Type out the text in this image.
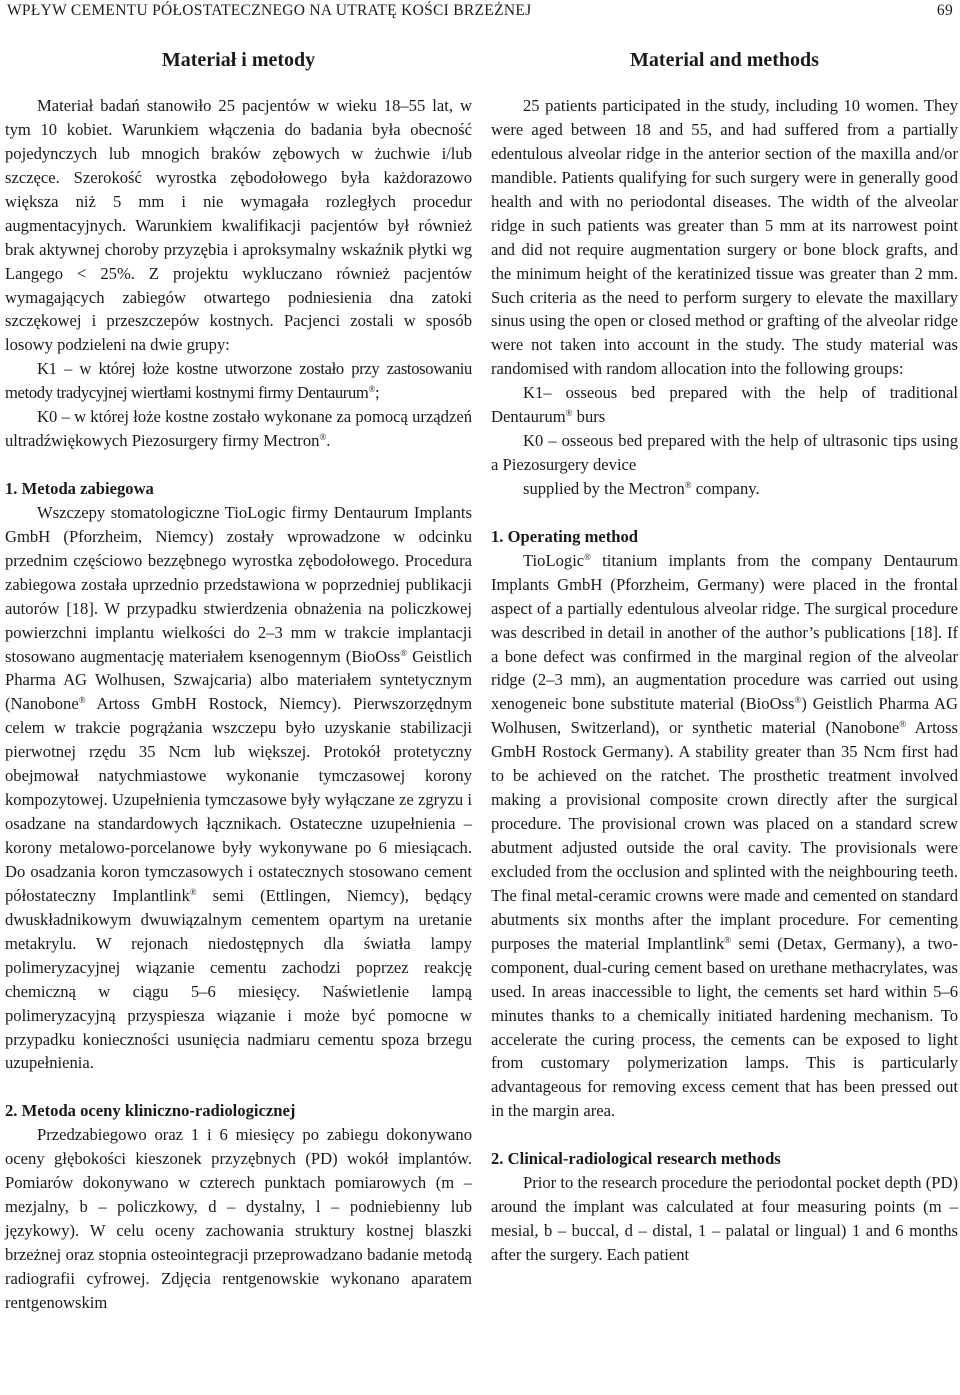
WPŁYW CEMENTU PÓŁOSTATECZNEGO NA UTRATĘ KOŚCI BRZEŻNEJ	69
Materiał i metody

Materiał badań stanowiło 25 pacjentów w wieku 18–55 lat, w tym 10 kobiet. Warunkiem włączenia do badania była obecność pojedynczych lub mnogich braków zębowych w żuchwie i/lub szczęce. Szerokość wyrostka zębodołowego była każdorazowo większa niż 5 mm i nie wymagała rozległych procedur augmentacyjnych. Warunkiem kwalifikacji pacjentów był również brak aktywnej choroby przyzębia i aproksymalny wskaźnik płytki wg Langego < 25%. Z projektu wykluczano również pacjentów wymagających zabiegów otwartego podniesienia dna zatoki szczękowej i przeszczepów kostnych. Pacjenci zostali w sposób losowy podzieleni na dwie grupy:

K1 – w której łoże kostne utworzone zostało przy zastosowaniu metody tradycyjnej wiertłami kostnymi firmy Dentaurum®;

K0 – w której łoże kostne zostało wykonane za pomocą urządzeń ultradźwiękowych Piezosurgery firmy Mectron®.

1. Metoda zabiegowa

Wszczepy stomatologiczne TioLogic firmy Dentaurum Implants GmbH (Pforzheim, Niemcy) zostały wprowadzone w odcinku przednim częściowo bezzębnego wyrostka zębodołowego. Procedura zabiegowa została uprzednio przedstawiona w poprzedniej publikacji autorów [18]. W przypadku stwierdzenia obnażenia na policzkowej powierzchni implantu wielkości do 2–3 mm w trakcie implantacji stosowano augmentację materiałem ksenogennym (BioOss® Geistlich Pharma AG Wolhusen, Szwajcaria) albo materiałem syntetycznym (Nanobone® Artoss GmbH Rostock, Niemcy). Pierwszorzędnym celem w trakcie pogrążania wszczepu było uzyskanie stabilizacji pierwotnej rzędu 35 Ncm lub większej. Protokół protetyczny obejmował natychmiastowe wykonanie tymczasowej korony kompozytowej. Uzupełnienia tymczasowe były wyłączane ze zgryzu i osadzane na standardowych łącznikach. Ostateczne uzupełnienia – korony metalowo-porcelanowe były wykonywane po 6 miesiącach. Do osadzania koron tymczasowych i ostatecznych stosowano cement półostateczny Implantlink® semi (Ettlingen, Niemcy), będący dwuskładnikowym dwuwiązalnym cementem opartym na uretanie metakrylu. W rejonach niedostępnych dla światła lampy polimeryzacyjnej wiązanie cementu zachodzi poprzez reakcję chemiczną w ciągu 5–6 miesięcy. Naświetlenie lampą polimeryzacyjną przyspiesza wiązanie i może być pomocne w przypadku konieczności usunięcia nadmiaru cementu spoza brzegu uzupełnienia.

2. Metoda oceny kliniczno-radiologicznej

Przedzabiegowo oraz 1 i 6 miesięcy po zabiegu dokonywano oceny głębokości kieszonek przyzębnych (PD) wokół implantów. Pomiarów dokonywano w czterech punktach pomiarowych (m – mezjalny, b – policzkowy, d – dystalny, l – podniebienny lub językowy). W celu oceny zachowania struktury kostnej blaszki brzeżnej oraz stopnia osteointegracji przeprowadzano badanie metodą radiografii cyfrowej. Zdjęcia rentgenowskie wykonano aparatem rentgenowskim

Material and methods

25 patients participated in the study, including 10 women. They were aged between 18 and 55, and had suffered from a partially edentulous alveolar ridge in the anterior section of the maxilla and/or mandible. Patients qualifying for such surgery were in generally good health and with no periodontal diseases. The width of the alveolar ridge in such patients was greater than 5 mm at its narrowest point and did not require augmentation surgery or bone block grafts, and the minimum height of the keratinized tissue was greater than 2 mm. Such criteria as the need to perform surgery to elevate the maxillary sinus using the open or closed method or grafting of the alveolar ridge were not taken into account in the study. The study material was randomised with random allocation into the following groups:

K1– osseous bed prepared with the help of traditional Dentaurum® burs

K0 – osseous bed prepared with the help of ultrasonic tips using a Piezosurgery device

supplied by the Mectron® company.

1. Operating method

TioLogic® titanium implants from the company Dentaurum Implants GmbH (Pforzheim, Germany) were placed in the frontal aspect of a partially edentulous alveolar ridge. The surgical procedure was described in detail in another of the author’s publications [18]. If a bone defect was confirmed in the marginal region of the alveolar ridge (2–3 mm), an augmentation procedure was carried out using xenogeneic bone substitute material (BioOss®) Geistlich Pharma AG Wolhusen, Switzerland), or synthetic material (Nanobone® Artoss GmbH Rostock Germany). A stability greater than 35 Ncm first had to be achieved on the ratchet. The prosthetic treatment involved making a provisional composite crown directly after the surgical procedure. The provisional crown was placed on a standard screw abutment adjusted outside the oral cavity. The provisionals were excluded from the occlusion and splinted with the neighbouring teeth. The final metal-ceramic crowns were made and cemented on standard abutments six months after the implant procedure. For cementing purposes the material Implantlink® semi (Detax, Germany), a two-component, dual-curing cement based on urethane methacrylates, was used. In areas inaccessible to light, the cements set hard within 5–6 minutes thanks to a chemically initiated hardening mechanism. To accelerate the curing process, the cements can be exposed to light from customary polymerization lamps. This is particularly advantageous for removing excess cement that has been pressed out in the margin area.

2. Clinical-radiological research methods

Prior to the research procedure the periodontal pocket depth (PD) around the implant was calculated at four measuring points (m – mesial, b – buccal, d – distal, 1 – palatal or lingual) 1 and 6 months after the surgery. Each patient
